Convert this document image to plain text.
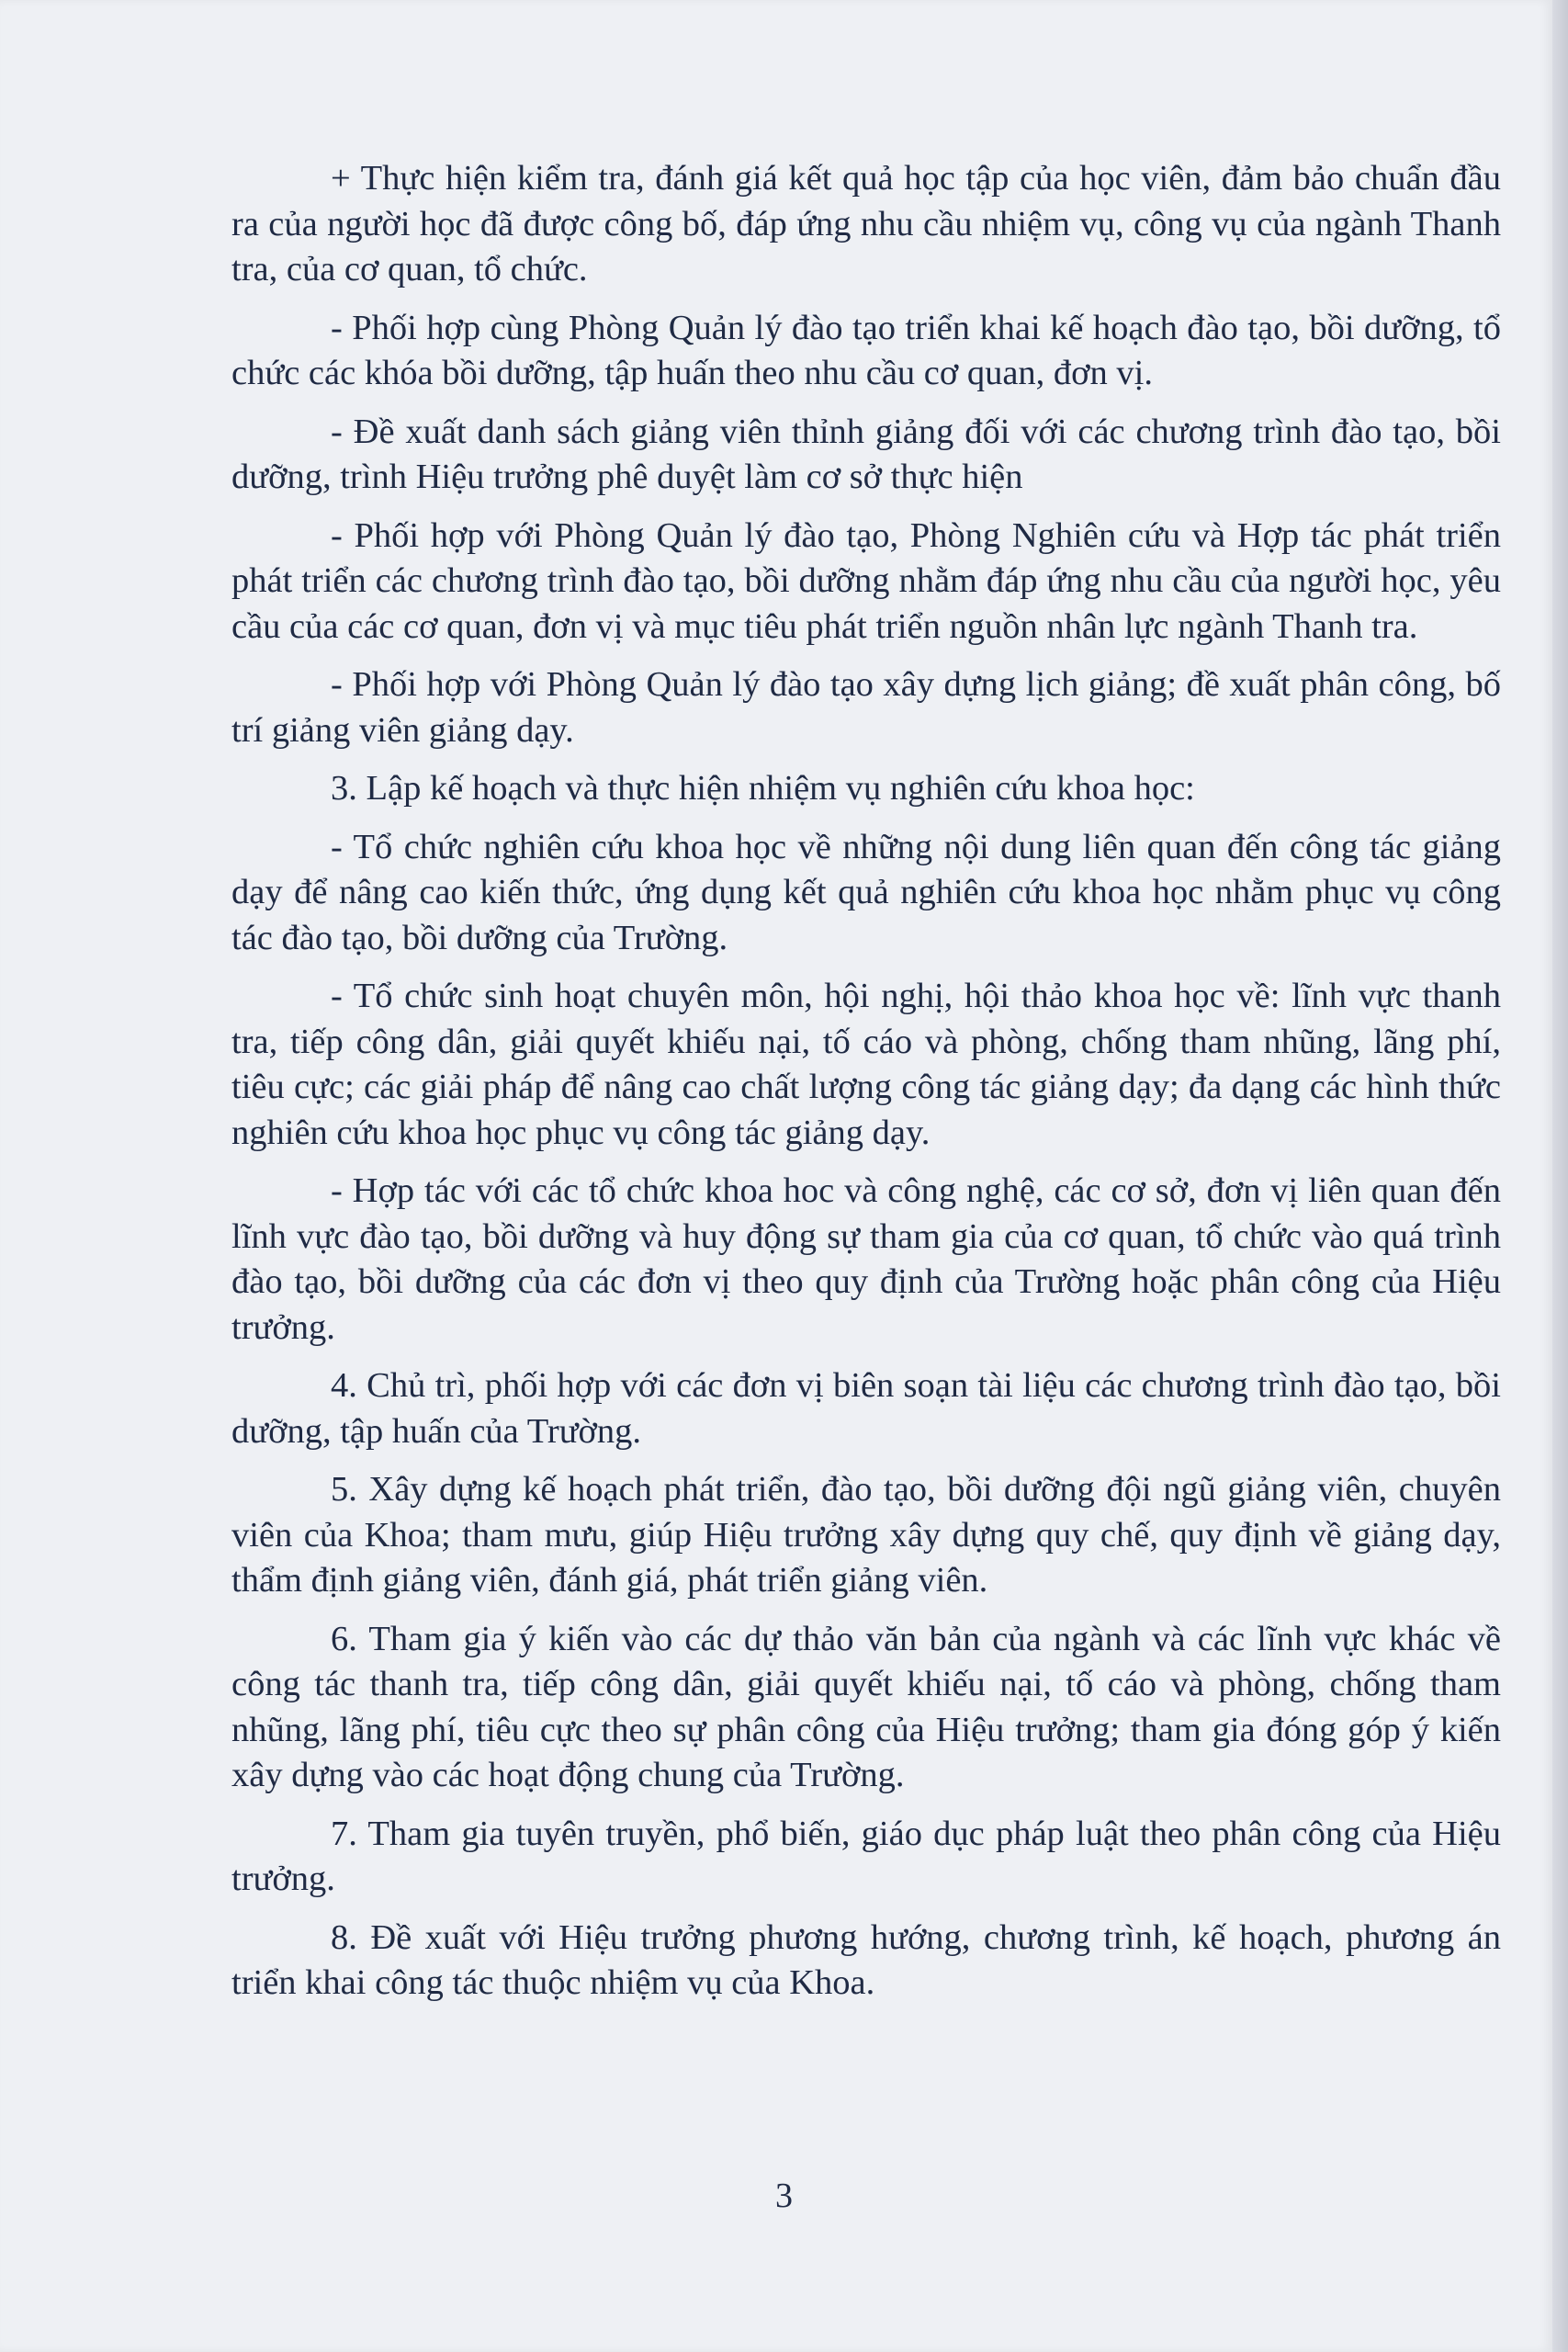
+ Thực hiện kiểm tra, đánh giá kết quả học tập của học viên, đảm bảo chuẩn đầu ra của người học đã được công bố, đáp ứng nhu cầu nhiệm vụ, công vụ của ngành Thanh tra, của cơ quan, tổ chức.

- Phối hợp cùng Phòng Quản lý đào tạo triển khai kế hoạch đào tạo, bồi dưỡng, tổ chức các khóa bồi dưỡng, tập huấn theo nhu cầu cơ quan, đơn vị.

- Đề xuất danh sách giảng viên thỉnh giảng đối với các chương trình đào tạo, bồi dưỡng, trình Hiệu trưởng phê duyệt làm cơ sở thực hiện

- Phối hợp với Phòng Quản lý đào tạo, Phòng Nghiên cứu và Hợp tác phát triển phát triển các chương trình đào tạo, bồi dưỡng nhằm đáp ứng nhu cầu của người học, yêu cầu của các cơ quan, đơn vị và mục tiêu phát triển nguồn nhân lực ngành Thanh tra.

- Phối hợp với Phòng Quản lý đào tạo xây dựng lịch giảng; đề xuất phân công, bố trí giảng viên giảng dạy.

3. Lập kế hoạch và thực hiện nhiệm vụ nghiên cứu khoa học:

- Tổ chức nghiên cứu khoa học về những nội dung liên quan đến công tác giảng dạy để nâng cao kiến thức, ứng dụng kết quả nghiên cứu khoa học nhằm phục vụ công tác đào tạo, bồi dưỡng của Trường.

- Tổ chức sinh hoạt chuyên môn, hội nghị, hội thảo khoa học về: lĩnh vực thanh tra, tiếp công dân, giải quyết khiếu nại, tố cáo và phòng, chống tham nhũng, lãng phí, tiêu cực; các giải pháp để nâng cao chất lượng công tác giảng dạy; đa dạng các hình thức nghiên cứu khoa học phục vụ công tác giảng dạy.

- Hợp tác với các tổ chức khoa hoc và công nghệ, các cơ sở, đơn vị liên quan đến lĩnh vực đào tạo, bồi dưỡng và huy động sự tham gia của cơ quan, tổ chức vào quá trình đào tạo, bồi dưỡng của các đơn vị theo quy định của Trường hoặc phân công của Hiệu trưởng.

4. Chủ trì, phối hợp với các đơn vị biên soạn tài liệu các chương trình đào tạo, bồi dưỡng, tập huấn của Trường.

5. Xây dựng kế hoạch phát triển, đào tạo, bồi dưỡng đội ngũ giảng viên, chuyên viên của Khoa; tham mưu, giúp Hiệu trưởng xây dựng quy chế, quy định về giảng dạy, thẩm định giảng viên, đánh giá, phát triển giảng viên.

6. Tham gia ý kiến vào các dự thảo văn bản của ngành và các lĩnh vực khác về công tác thanh tra, tiếp công dân, giải quyết khiếu nại, tố cáo và phòng, chống tham nhũng, lãng phí, tiêu cực theo sự phân công của Hiệu trưởng; tham gia đóng góp ý kiến xây dựng vào các hoạt động chung của Trường.

7. Tham gia tuyên truyền, phổ biến, giáo dục pháp luật theo phân công của Hiệu trưởng.

8. Đề xuất với Hiệu trưởng phương hướng, chương trình, kế hoạch, phương án triển khai công tác thuộc nhiệm vụ của Khoa.

3
